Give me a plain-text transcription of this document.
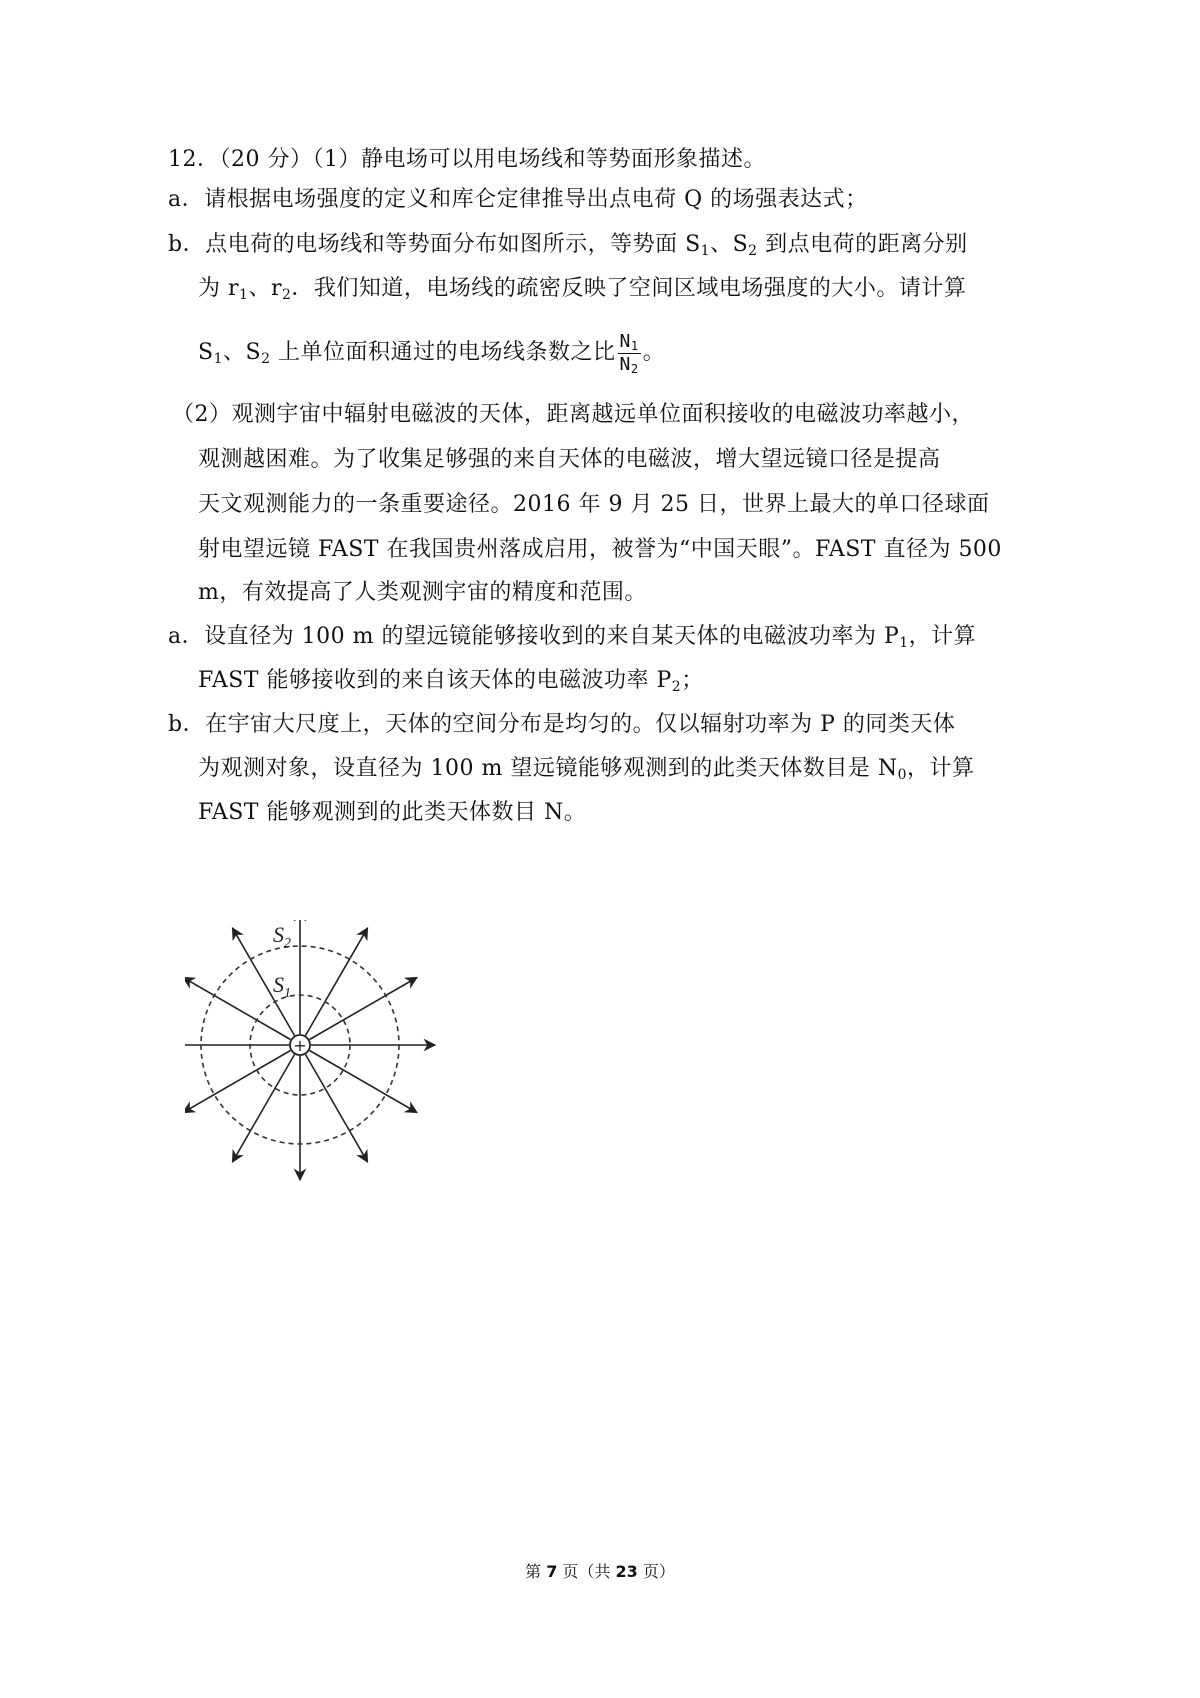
12．（20 分）（1）静电场可以用电场线和等势面形象描述。
a．请根据电场强度的定义和库仑定律推导出点电荷 Q 的场强表达式；
b．点电荷的电场线和等势面分布如图所示，等势面 $S_1$、$S_2$ 到点电荷的距离分别
为 $r_1$、$r_2$．我们知道，电场线的疏密反映了空间区域电场强度的大小。请计算
$S_1$、$S_2$ 上单位面积通过的电场线条数之比 $\frac{N_1}{N_2}$ 。
（2）观测宇宙中辐射电磁波的天体，距离越远单位面积接收的电磁波功率越小，
观测越困难。为了收集足够强的来自天体的电磁波，增大望远镜口径是提高
天文观测能力的一条重要途径。2016 年 9 月 25 日，世界上最大的单口径球面
射电望远镜 FAST 在我国贵州落成启用，被誉为“中国天眼”。FAST 直径为 500
m，有效提高了人类观测宇宙的精度和范围。
a．设直径为 100 m 的望远镜能够接收到的来自某天体的电磁波功率为 $P_1$，计算
FAST 能够接收到的来自该天体的电磁波功率 $P_2$；
b．在宇宙大尺度上，天体的空间分布是均匀的。仅以辐射功率为 P 的同类天体
为观测对象，设直径为 100 m 望远镜能够观测到的此类天体数目是 $N_0$，计算
FAST 能够观测到的此类天体数目 N。
+
$S_2$
$S_1$
第 7 页（共 23 页）
